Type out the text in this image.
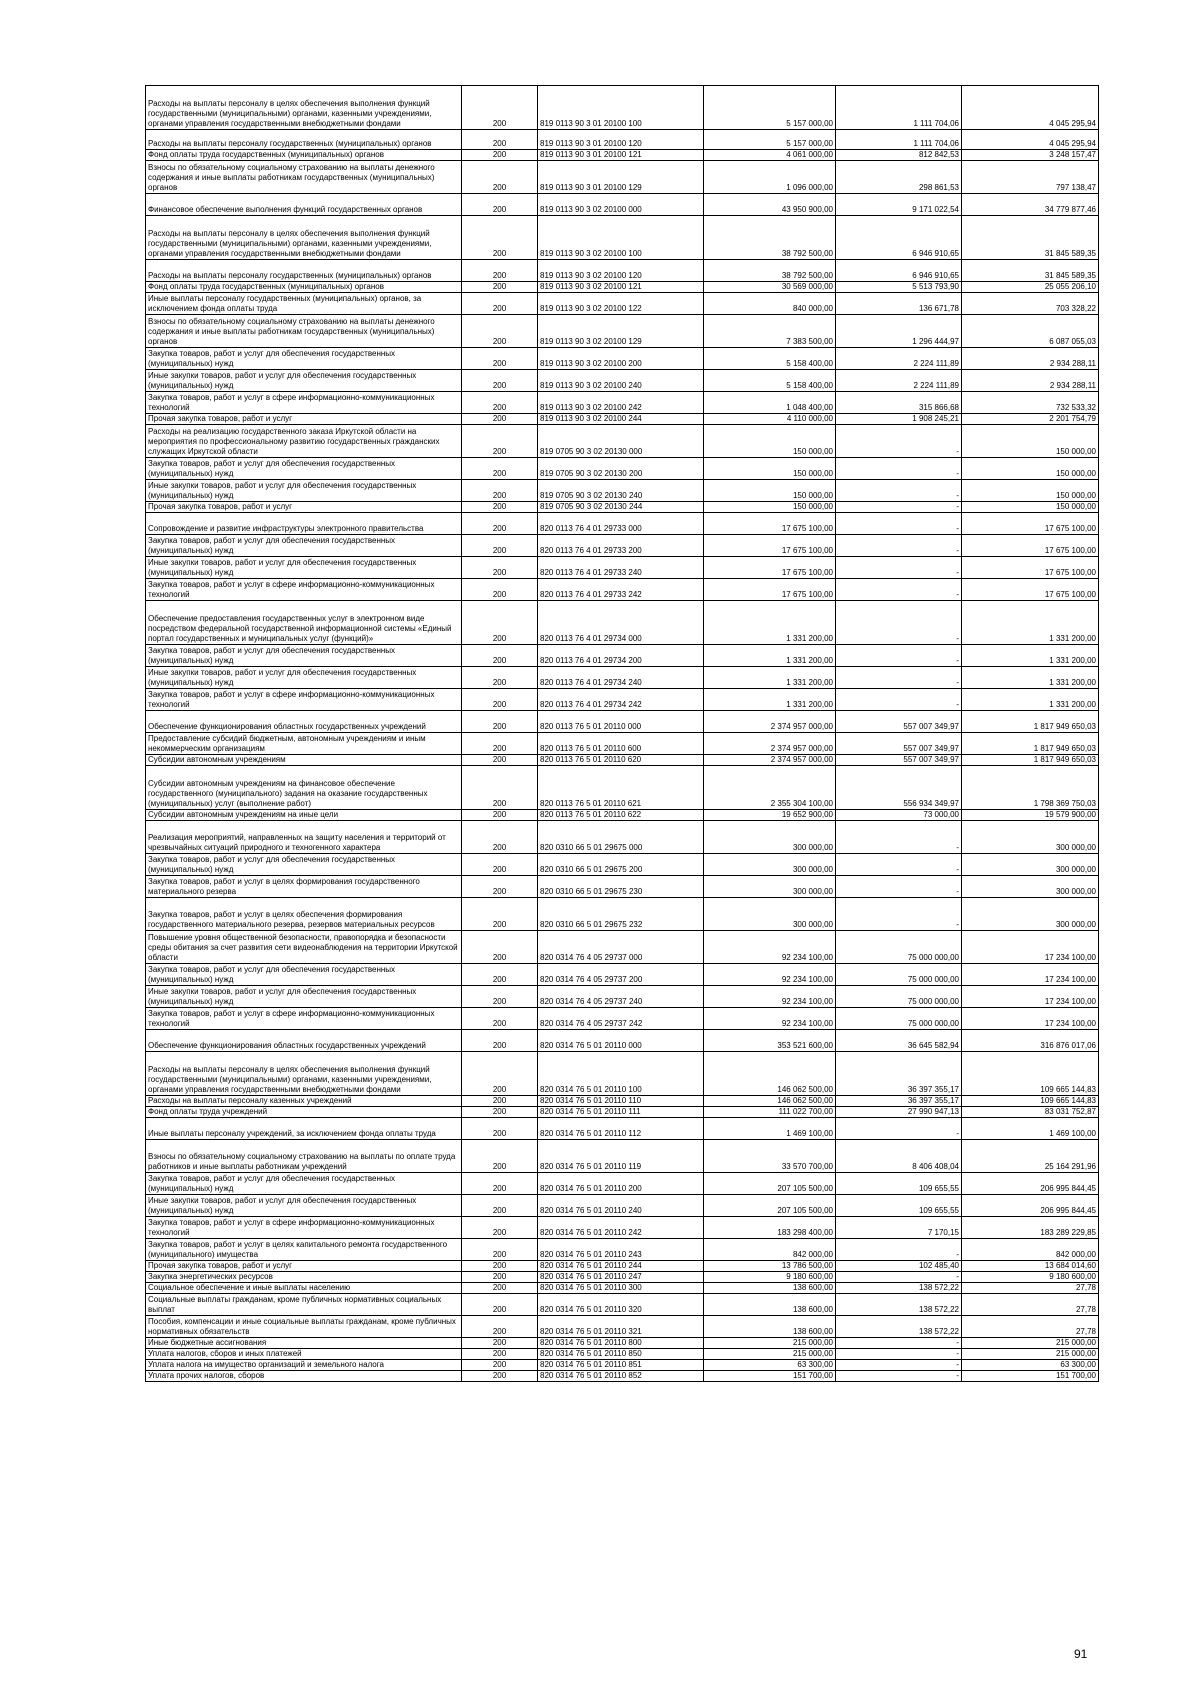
Расходы на выплаты персоналу в целях обеспечения выполнения функций государственными (муниципальными) органами, казенными учреждениями, органами управления государственными внебюджетными фондами	200	819 0113 90 3 01 20100 100	5 157 000,00	1 111 704,06	4 045 295,94
Расходы на выплаты персоналу государственных (муниципальных) органов	200	819 0113 90 3 01 20100 120	5 157 000,00	1 111 704,06	4 045 295,94
Фонд оплаты труда государственных (муниципальных) органов	200	819 0113 90 3 01 20100 121	4 061 000,00	812 842,53	3 248 157,47
Взносы по обязательному социальному страхованию на выплаты денежного содержания и иные выплаты работникам государственных (муниципальных) органов	200	819 0113 90 3 01 20100 129	1 096 000,00	298 861,53	797 138,47
Финансовое обеспечение выполнения функций государственных органов	200	819 0113 90 3 02 20100 000	43 950 900,00	9 171 022,54	34 779 877,46
Расходы на выплаты персоналу в целях обеспечения выполнения функций государственными (муниципальными) органами, казенными учреждениями, органами управления государственными внебюджетными фондами	200	819 0113 90 3 02 20100 100	38 792 500,00	6 946 910,65	31 845 589,35
Расходы на выплаты персоналу государственных (муниципальных) органов	200	819 0113 90 3 02 20100 120	38 792 500,00	6 946 910,65	31 845 589,35
Фонд оплаты труда государственных (муниципальных) органов	200	819 0113 90 3 02 20100 121	30 569 000,00	5 513 793,90	25 055 206,10
Иные выплаты персоналу государственных (муниципальных) органов, за исключением фонда оплаты труда	200	819 0113 90 3 02 20100 122	840 000,00	136 671,78	703 328,22
Взносы по обязательному социальному страхованию на выплаты денежного содержания и иные выплаты работникам государственных (муниципальных) органов	200	819 0113 90 3 02 20100 129	7 383 500,00	1 296 444,97	6 087 055,03
Закупка товаров, работ и услуг для обеспечения государственных (муниципальных) нужд	200	819 0113 90 3 02 20100 200	5 158 400,00	2 224 111,89	2 934 288,11
Иные закупки товаров, работ и услуг для обеспечения государственных (муниципальных) нужд	200	819 0113 90 3 02 20100 240	5 158 400,00	2 224 111,89	2 934 288,11
Закупка товаров, работ и услуг в сфере информационно-коммуникационных технологий	200	819 0113 90 3 02 20100 242	1 048 400,00	315 866,68	732 533,32
Прочая закупка товаров, работ и услуг	200	819 0113 90 3 02 20100 244	4 110 000,00	1 908 245,21	2 201 754,79
Расходы на реализацию государственного заказа Иркутской области на мероприятия по профессиональному развитию государственных гражданских служащих Иркутской области	200	819 0705 90 3 02 20130 000	150 000,00	-	150 000,00
Закупка товаров, работ и услуг для обеспечения государственных (муниципальных) нужд	200	819 0705 90 3 02 20130 200	150 000,00	-	150 000,00
Иные закупки товаров, работ и услуг для обеспечения государственных (муниципальных) нужд	200	819 0705 90 3 02 20130 240	150 000,00	-	150 000,00
Прочая закупка товаров, работ и услуг	200	819 0705 90 3 02 20130 244	150 000,00	-	150 000,00
Сопровождение и развитие инфраструктуры электронного правительства	200	820 0113 76 4 01 29733 000	17 675 100,00	-	17 675 100,00
Закупка товаров, работ и услуг для обеспечения государственных (муниципальных) нужд	200	820 0113 76 4 01 29733 200	17 675 100,00	-	17 675 100,00
Иные закупки товаров, работ и услуг для обеспечения государственных (муниципальных) нужд	200	820 0113 76 4 01 29733 240	17 675 100,00	-	17 675 100,00
Закупка товаров, работ и услуг в сфере информационно-коммуникационных технологий	200	820 0113 76 4 01 29733 242	17 675 100,00	-	17 675 100,00
Обеспечение предоставления государственных услуг в электронном виде посредством федеральной государственной информационной системы «Единый портал государственных и муниципальных услуг (функций)»	200	820 0113 76 4 01 29734 000	1 331 200,00	-	1 331 200,00
Закупка товаров, работ и услуг для обеспечения государственных (муниципальных) нужд	200	820 0113 76 4 01 29734 200	1 331 200,00	-	1 331 200,00
Иные закупки товаров, работ и услуг для обеспечения государственных (муниципальных) нужд	200	820 0113 76 4 01 29734 240	1 331 200,00	-	1 331 200,00
Закупка товаров, работ и услуг в сфере информационно-коммуникационных технологий	200	820 0113 76 4 01 29734 242	1 331 200,00	-	1 331 200,00
Обеспечение функционирования областных государственных учреждений	200	820 0113 76 5 01 20110 000	2 374 957 000,00	557 007 349,97	1 817 949 650,03
Предоставление субсидий бюджетным, автономным учреждениям и иным некоммерческим организациям	200	820 0113 76 5 01 20110 600	2 374 957 000,00	557 007 349,97	1 817 949 650,03
Субсидии автономным учреждениям	200	820 0113 76 5 01 20110 620	2 374 957 000,00	557 007 349,97	1 817 949 650,03
Субсидии автономным учреждениям на финансовое обеспечение государственного (муниципального) задания на оказание государственных (муниципальных) услуг (выполнение работ)	200	820 0113 76 5 01 20110 621	2 355 304 100,00	556 934 349,97	1 798 369 750,03
Субсидии автономным учреждениям на иные цели	200	820 0113 76 5 01 20110 622	19 652 900,00	73 000,00	19 579 900,00
Реализация мероприятий, направленных на защиту населения и территорий от чрезвычайных ситуаций природного и техногенного характера	200	820 0310 66 5 01 29675 000	300 000,00	-	300 000,00
Закупка товаров, работ и услуг для обеспечения государственных (муниципальных) нужд	200	820 0310 66 5 01 29675 200	300 000,00	-	300 000,00
Закупка товаров, работ и услуг в целях формирования государственного материального резерва	200	820 0310 66 5 01 29675 230	300 000,00	-	300 000,00
Закупка товаров, работ и услуг в целях обеспечения формирования государственного материального резерва, резервов материальных ресурсов	200	820 0310 66 5 01 29675 232	300 000,00	-	300 000,00
Повышение уровня общественной безопасности, правопорядка и безопасности среды обитания за счет развития сети видеонаблюдения на территории Иркутской области	200	820 0314 76 4 05 29737 000	92 234 100,00	75 000 000,00	17 234 100,00
Закупка товаров, работ и услуг для обеспечения государственных (муниципальных) нужд	200	820 0314 76 4 05 29737 200	92 234 100,00	75 000 000,00	17 234 100,00
Иные закупки товаров, работ и услуг для обеспечения государственных (муниципальных) нужд	200	820 0314 76 4 05 29737 240	92 234 100,00	75 000 000,00	17 234 100,00
Закупка товаров, работ и услуг в сфере информационно-коммуникационных технологий	200	820 0314 76 4 05 29737 242	92 234 100,00	75 000 000,00	17 234 100,00
Обеспечение функционирования областных государственных учреждений	200	820 0314 76 5 01 20110 000	353 521 600,00	36 645 582,94	316 876 017,06
Расходы на выплаты персоналу в целях обеспечения выполнения функций государственными (муниципальными) органами, казенными учреждениями, органами управления государственными внебюджетными фондами	200	820 0314 76 5 01 20110 100	146 062 500,00	36 397 355,17	109 665 144,83
Расходы на выплаты персоналу казенных учреждений	200	820 0314 76 5 01 20110 110	146 062 500,00	36 397 355,17	109 665 144,83
Фонд оплаты труда учреждений	200	820 0314 76 5 01 20110 111	111 022 700,00	27 990 947,13	83 031 752,87
Иные выплаты персоналу учреждений, за исключением фонда оплаты труда	200	820 0314 76 5 01 20110 112	1 469 100,00	-	1 469 100,00
Взносы по обязательному социальному страхованию на выплаты по оплате труда работников и иные выплаты работникам учреждений	200	820 0314 76 5 01 20110 119	33 570 700,00	8 406 408,04	25 164 291,96
Закупка товаров, работ и услуг для обеспечения государственных (муниципальных) нужд	200	820 0314 76 5 01 20110 200	207 105 500,00	109 655,55	206 995 844,45
Иные закупки товаров, работ и услуг для обеспечения государственных (муниципальных) нужд	200	820 0314 76 5 01 20110 240	207 105 500,00	109 655,55	206 995 844,45
Закупка товаров, работ и услуг в сфере информационно-коммуникационных технологий	200	820 0314 76 5 01 20110 242	183 298 400,00	7 170,15	183 289 229,85
Закупка товаров, работ и услуг в целях капитального ремонта государственного (муниципального) имущества	200	820 0314 76 5 01 20110 243	842 000,00	-	842 000,00
Прочая закупка товаров, работ и услуг	200	820 0314 76 5 01 20110 244	13 786 500,00	102 485,40	13 684 014,60
Закупка энергетических ресурсов	200	820 0314 76 5 01 20110 247	9 180 600,00	-	9 180 600,00
Социальное обеспечение и иные выплаты населению	200	820 0314 76 5 01 20110 300	138 600,00	138 572,22	27,78
Социальные выплаты гражданам, кроме публичных нормативных социальных выплат	200	820 0314 76 5 01 20110 320	138 600,00	138 572,22	27,78
Пособия, компенсации и иные социальные выплаты гражданам, кроме публичных нормативных обязательств	200	820 0314 76 5 01 20110 321	138 600,00	138 572,22	27,78
Иные бюджетные ассигнования	200	820 0314 76 5 01 20110 800	215 000,00	-	215 000,00
Уплата налогов, сборов и иных платежей	200	820 0314 76 5 01 20110 850	215 000,00	-	215 000,00
Уплата налога на имущество организаций и земельного налога	200	820 0314 76 5 01 20110 851	63 300,00	-	63 300,00
Уплата прочих налогов, сборов	200	820 0314 76 5 01 20110 852	151 700,00	-	151 700,00
91
